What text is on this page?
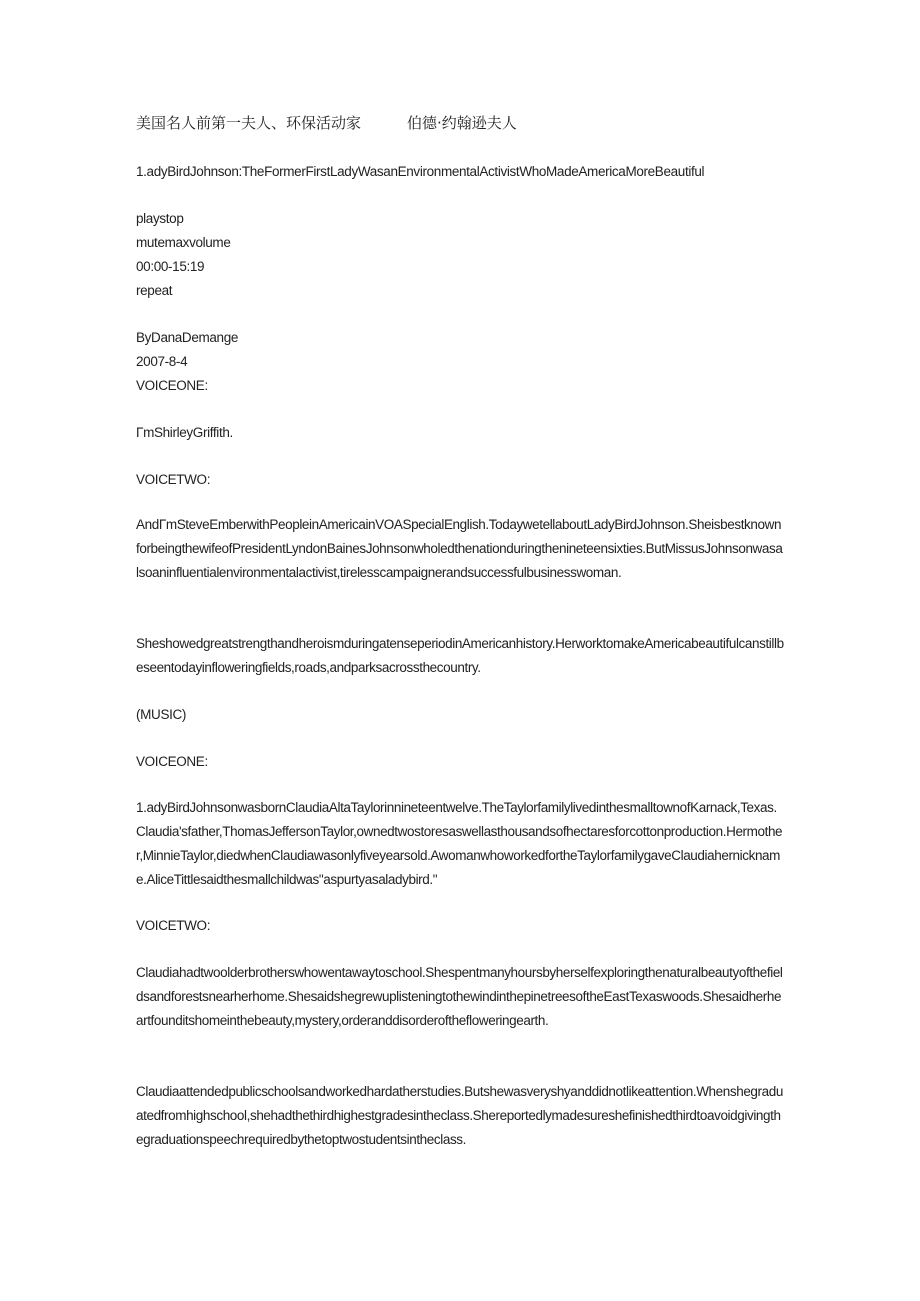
美国名人前第一夫人、环保活动家	伯德·约翰逊夫人
1.adyBirdJohnson:TheFormerFirstLadyWasanEnvironmentalActivistWhoMadeAmericaMoreBeautiful
playstop
mutemaxvolume
00:00-15:19
repeat
ByDanaDemange
2007-8-4
VOICEONE:
ΓmShirleyGriffith.
VOICETWO:
AndΓmSteveEmberwithPeopleinAmericainVOASpecialEnglish.TodaywetellaboutLadyBirdJohnson.SheisbestknownforbeingthewifeofPresidentLyndonBainesJohnsonwholedthenationduringthenineteensixties.ButMissusJohnsonwasalsoaninfluentialenvironmentalactivist,tirelesscampaignerandsuccessfulbusinesswoman.
SheshowedgreatstrengthandheroismduringatenseperiodinAmericanhistory.HerworktomakeAmericabeautifulcanstillbeseentodayinfloweringfields,roads,andparksacrossthecountry.
(MUSIC)
VOICEONE:
1.adyBirdJohnsonwasbornClaudiaAltaTaylorinnineteentwelve.TheTaylorfamilylivedinthesmalltownofKarnack,Texas.Claudia'sfather,ThomasJeffersonTaylor,ownedtwostoresaswellasthousandsofhectaresforcottonproduction.Hermother,MinnieTaylor,diedwhenClaudiawasonlyfiveyearsold.AwomanwhoworkedfortheTaylorfamilygaveClaudiahernickname.AliceTittlesaidthesmallchildwas"aspurtyasaladybird."
VOICETWO:
Claudiahadtwoolderbrotherswhowentawaytoschool.Shespentmanyhoursbyherselfexploringthenaturalbeautyofthefieldsandforestsnearherhome.ShesaidshegrewuplisteningtothewindinthepinetreesoftheEastTexaswoods.Shesaidherheartfounditshomeinthebeauty,mystery,orderanddisorderofthefloweringearth.
Claudiaattendedpublicschoolsandworkedhardatherstudies.Butshewasveryshyanddidnotlikeattention.Whenshegraduatedfromhighschool,shehadthethirdhighestgradesintheclass.Shereportedlymadesureshefinishedthirdtoavoidgivingthegraduationspeechrequiredbythetoptwostudentsintheclass.
